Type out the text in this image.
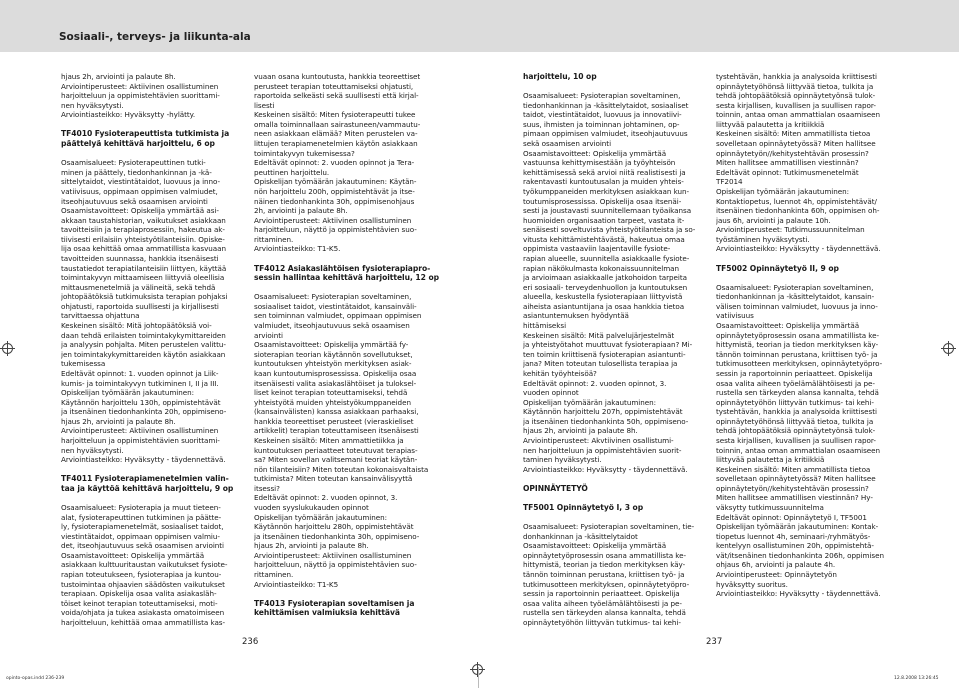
Sosiaali-, terveys- ja liikunta-ala
hjaus 2h, arviointi ja palaute 8h.
Arviointiperusteet: Aktiivinen osallistuminen
harjoitteluun ja oppimistehtävien suorittami-
nen hyväksytysti.
Arviointiasteikko: Hyväksytty -hylätty.
TF4010 Fysioterapeuttista tutkimista ja
päättelyä kehittävä harjoittelu, 6 op
Osaamisalueet: Fysioterapeuttinen tutki-
minen ja päättely, tiedonhankinnan ja -kä-
sittelytaidot, viestintätaidot, luovuus ja inno-
vatiivisuus, oppimaan oppimisen valmiudet,
itseohjautuvuus sekä osaamisen arviointi
Osaamistavoitteet: Opiskelija ymmärtää asi-
akkaan taustahistorian, vaikutukset asiakkaan
tavoitteisiin ja terapiaprosessiin, hakeutua ak-
tiivisesti erilaisiin yhteistyötilanteisiin. Opiske-
lija osaa kehittää omaa ammatillista kasvuaan
tavoitteiden suunnassa, hankkia itsenäisesti
taustatiedot terapiatilanteisiin liittyen, käyttää
toimintakyvyn mittaamiseen liittyviä oleellisia
mittausmenetelmiä ja välineitä, sekä tehdä
johtopäätöksiä tutkimuksista terapian pohjaksi
ohjatusti, raportoida suullisesti ja kirjallisesti
tarvittaessa ohjattuna
Keskeinen sisältö: Mitä johtopäätöksiä voi-
daan tehdä erilaisten toimintakykymittareiden
ja analyysin pohjalta. Miten perustelen valittu-
jen toimintakykymittareiden käytön asiakkaan
tukemisessa
Edeltävät opinnot: 1. vuoden opinnot ja Liik-
kumis- ja toimintakyvyn tutkiminen I, II ja III.
Opiskelijan työmäärän jakautuminen:
Käytännön harjoittelu 130h, oppimistehtävät
ja itsenäinen tiedonhankinta 20h, oppimiseno-
hjaus 2h, arviointi ja palaute 8h.
Arviointiperusteet: Aktiivinen osallistuminen
harjoitteluun ja oppimistehtävien suorittami-
nen hyväksytysti.
Arviointiasteikko: Hyväksytty - täydennettävä.
TF4011 Fysioterapiamenetelmien valin-
taa ja käyttöä kehittävä harjoittelu, 9 op
Osaamisalueet: Fysioterapia ja muut tieteen-
alat, fysioterapeuttinen tutkiminen ja päätte-
ly, fysioterapiamenetelmät, sosiaaliset taidot,
viestintätaidot, oppimaan oppimisen valmiu-
det, itseohjautuvuus sekä osaamisen arviointi
Osaamistavoitteet: Opiskelija ymmärtää
asiakkaan kulttuuritaustan vaikutukset fysiote-
rapian toteutukseen, fysioterapiaa ja kuntou-
tustoimintaa ohjaavien säädösten vaikutukset
terapiaan. Opiskelija osaa valita asiakasläh-
töiset keinot terapian toteuttamiseksi, moti-
voida/ohjata ja tukea asiakasta omatoimiseen
harjoitteluun, kehittää omaa ammatillista kas-
vuaan osana kuntoutusta, hankkia teoreettiset
perusteet terapian toteuttamiseksi ohjatusti,
raportoida selkeästi sekä suullisesti että kirjal-
lisesti
Keskeinen sisältö: Miten fysioterapeutti tukee
omalla toiminnallaan sairastuneen/vammautu-
neen asiakkaan elämää? Miten perustelen va-
littujen terapiamenetelmien käytön asiakkaan
toimintakyvyn tukemisessa?
Edeltävät opinnot: 2. vuoden opinnot ja Tera-
peuttinen harjoittelu.
Opiskelijan työmäärän jakautuminen: Käytän-
nön harjoittelu 200h, oppimistehtävät ja itse-
näinen tiedonhankinta 30h, oppimisenohjaus
2h, arviointi ja palaute 8h.
Arviointiperusteet: Aktiivinen osallistuminen
harjoitteluun, näyttö ja oppimistehtävien suo-
rittaminen.
Arviointiasteikko: T1-K5.
TF4012 Asiakaslähtöisen fysioterapiapro-
sessin hallintaa kehittävä harjoittelu, 12 op
Osaamisalueet: Fysioterapian soveltaminen,
sosiaaliset taidot, viestintätaidot, kansainväli-
sen toiminnan valmiudet, oppimaan oppimisen
valmiudet, itseohjautuvuus sekä osaamisen
arviointi
Osaamistavoitteet: Opiskelija ymmärtää fy-
sioterapian teorian käytännön sovellutukset,
kuntoutuksen yhteistyön merkityksen asiak-
kaan kuntoutumisprosessissa. Opiskelija osaa
itsenäisesti valita asiakaslähtöiset ja tuloksel-
liset keinot terapian toteuttamiseksi, tehdä
yhteistyötä muiden yhteistyökumppaneiden
(kansainvälisten) kanssa asiakkaan parhaaksi,
hankkia teoreettiset perusteet (vieraskieliset
artikkelit) terapian toteuttamiseen itsenäisesti
Keskeinen sisältö: Miten ammattietiikka ja
kuntoutuksen periaatteet toteutuvat terapias-
sa? Miten sovellan valitsemani teoriat käytän-
nön tilanteisiin? Miten toteutan kokonaisvaltaista
tutkimista? Miten toteutan kansainvälisyyttä
itsessi?
Edeltävät opinnot: 2. vuoden opinnot, 3.
vuoden syyslukukauden opinnot
Opiskelijan työmäärän jakautuminen:
Käytännön harjoittelu 280h, oppimistehtävät
ja itsenäinen tiedonhankinta 30h, oppimiseno-
hjaus 2h, arviointi ja palaute 8h.
Arviointiperusteet: Aktiivinen osallistuminen
harjoitteluun, näyttö ja oppimistehtävien suo-
rittaminen.
Arviointiasteikko: T1-K5
TF4013 Fysioterapian soveltamisen ja
kehittämisen valmiuksia kehittävä
harjoittelu, 10 op
Osaamisalueet: Fysioterapian soveltaminen,
tiedonhankinnan ja -käsittelytaidot, sosiaaliset
taidot, viestintätaidot, luovuus ja innovatiivi-
suus, ihmisten ja toiminnan johtaminen, op-
pimaan oppimisen valmiudet, itseohjautuvuus
sekä osaamisen arviointi
Osaamistavoitteet: Opiskelija ymmärtää
vastuunsa kehittymisestään ja työyhteisön
kehittämisessä sekä arvioi niitä realistisesti ja
rakentavasti kuntoutusalan ja muiden yhteis-
työkumppaneiden merkityksen asiakkaan kun-
toutumisprosessissa. Opiskelija osaa itsenäi-
sesti ja joustavasti suunnitellemaan työaikansa
huomioiden organisaation tarpeet, vastata it-
senäisesti soveltuvista yhteistyötilanteista ja so-
vitusta kehittämistehtävästä, hakeutua omaa
oppimista vastaaviin laajentaville fysiote-
rapian alueelle, suunnitella asiakkaalle fysiote-
rapian näkökulmasta kokonaissuunnitelman
ja arvioimaan asiakkaalle jatkohoidon tarpeita
eri sosiaali- terveydenhuollon ja kuntoutuksen
alueella, keskustella fysioterapiaan liittyvistä
aiheista asiantuntijana ja osaa hankkia tietoa
asiantuntemuksen hyödyntää
hittämiseksi
Keskeinen sisältö: Mitä palvelujärjestelmät
ja yhteistyötahot muuttuvat fysioterapiaan? Mi-
ten toimin kriittisenä fysioterapian asiantunti-
jana? Miten toteutan tulosellista terapiaa ja
kehitän työyhteisöä?
Edeltävät opinnot: 2. vuoden opinnot, 3.
vuoden opinnot
Opiskelijan työmäärän jakautuminen:
Käytännön harjoittelu 207h, oppimistehtävät
ja itsenäinen tiedonhankinta 50h, oppimiseno-
hjaus 2h, arviointi ja palaute 8h.
Arviointiperusteet: Akvtiivinen osallistumi-
nen harjoitteluun ja oppimistehtävien suorit-
taminen hyväksytysti.
Arviointiasteikko: Hyväksytty - täydennettävä.
OPINNÄYTETYÖ
TF5001 Opinnäytetyö I, 3 op
Osaamisalueet: Fysioterapian soveltaminen, tie-
donhankinnan ja -käsittelytaidot
Osaamistavoitteet: Opiskelija ymmärtää
opinnäytetyöprosessin osana ammatillista ke-
hittymistä, teorian ja tiedon merkityksen käy-
tännön toiminnan perustana, kriittisen työ- ja
tutkimusotteen merkityksen, opinnäytetyöpro-
sessin ja raportoinnin periaatteet. Opiskelija
osaa valita aiheen työelämälähtöisesti ja pe-
rustella sen tärkeyden alansa kannalta, tehdä
opinnäytetyöhön liittyvän tutkimus- tai kehi-
tystehtävän, hankkia ja analysoida kriittisesti
opinnäytetyöhönsä liittyvää tietoa, tulkita ja
tehdä johtopäätöksiä opinnäytetyönsä tulok-
sesta kirjallisen, kuvallisen ja suullisen rapor-
toinnin, antaa oman ammattialan osaamiseen
liittyvää palautetta ja kritiikkiä
Keskeinen sisältö: Miten ammatillista tietoa
sovelletaan opinnäytetyössä? Miten hallitsee
opinnäytetyön//kehitystehtävän prosessin?
Miten hallitsee ammatillisen viestinnän?
Edeltävät opinnot: Tutkimusmenetelmät
TF2014
Opiskelijan työmäärän jakautuminen:
Kontaktiopetus, luennot 4h, oppimistehtävät/
itsenäinen tiedonhankinta 60h, oppimisen oh-
jaus 6h, arviointi ja palaute 10h.
Arviointiperusteet: Tutkimussuunnitelman
työstäminen hyväksytysti.
Arviointiasteikko: Hyväksytty - täydennettävä.
TF5002 Opinnäytetyö II, 9 op
Osaamisalueet: Fysioterapian soveltaminen,
tiedonhankinnan ja -käsittelytaidot, kansain-
välisen toiminnan valmiudet, luovuus ja inno-
vatiivisuus
Osaamistavoitteet: Opiskelija ymmärtää
opinnäytetyöprosessin osana ammatillista ke-
hittymistä, teorian ja tiedon merkityksen käy-
tännön toiminnan perustana, kriittisen työ- ja
tutkimusotteen merkityksen, opinnäytetyöpro-
sessin ja raportoinnin periaatteet. Opiskelija
osaa valita aiheen työelämälähtöisesti ja pe-
rustella sen tärkeyden alansa kannalta, tehdä
opinnäytetyöhön liittyvän tutkimus- tai kehi-
tystehtävän, hankkia ja analysoida kriittisesti
opinnäytetyöhönsä liittyvää tietoa, tulkita ja
tehdä johtopäätöksiä opinnäytetyönsä tulok-
sesta kirjallisen, kuvallisen ja suullisen rapor-
toinnin, antaa oman ammattialan osaamiseen
liittyvää palautetta ja kritiikkiä
Keskeinen sisältö: Miten ammatillista tietoa
sovelletaan opinnäytetyössä? Miten hallitsee
opinnäytetyön//kehitystehtävän prosessin?
Miten hallitsee ammatillisen viestinnän? Hy-
väksytty tutkimussuunnitelma
Edeltävät opinnot: Opinnäytetyö I, TF5001
Opiskelijan työmäärän jakautuminen: Kontak-
tiopetus luennot 4h, seminaari-/ryhmätyös-
kentelyyn osallistuminen 20h, oppimistehtä-
vät/itsenäinen tiedonhankinta 206h, oppimisen
ohjaus 6h, arviointi ja palaute 4h.
Arviointiperusteet: Opinnäytetyön
hyväksytty suoritus.
Arviointiasteikko: Hyväksytty - täydennettävä.
236	237
opinto-opas.indd 236-239	12.8.2008 13:26:45
